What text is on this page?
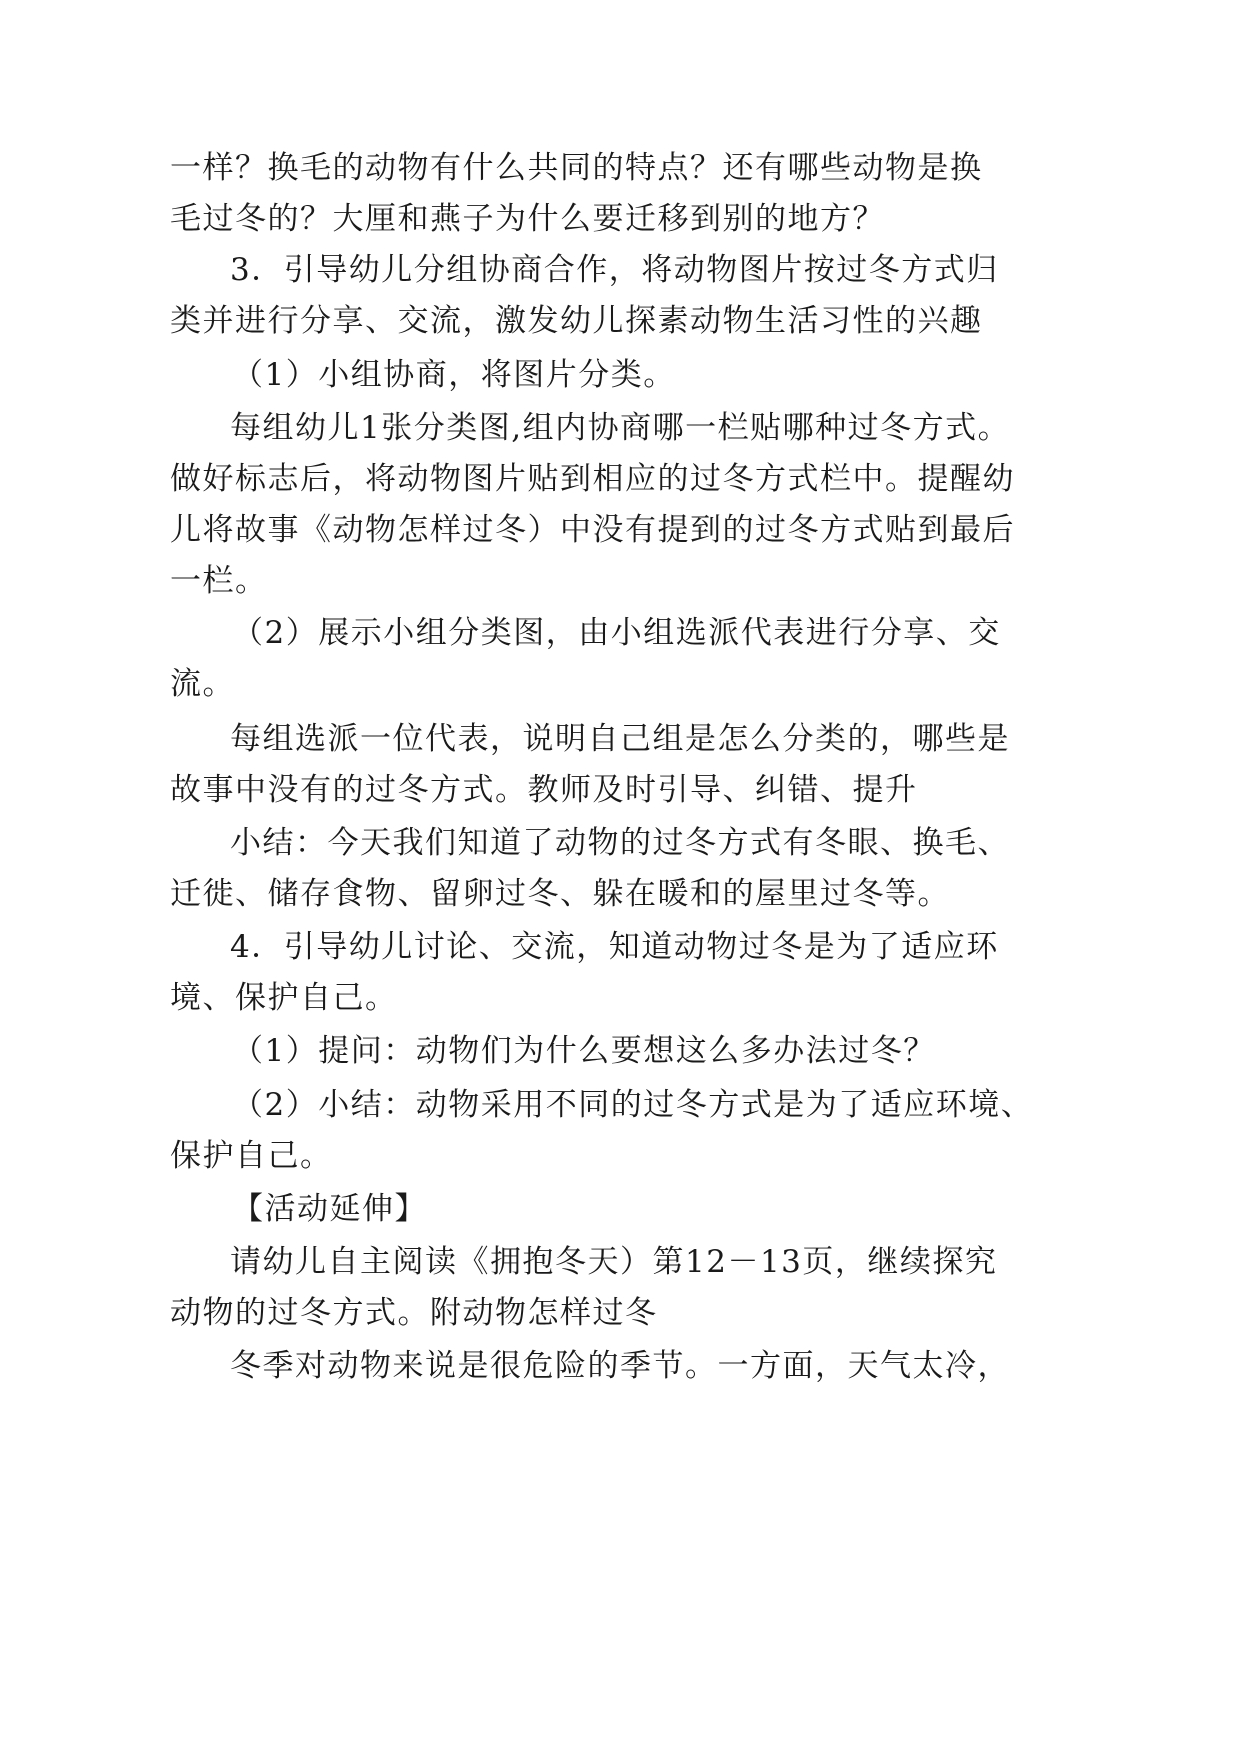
一样？换毛的动物有什么共同的特点？还有哪些动物是换
毛过冬的？大厘和燕子为什么要迁移到别的地方？
3．引导幼儿分组协商合作，将动物图片按过冬方式归
类并进行分享、交流，激发幼儿探素动物生活习性的兴趣
（1）小组协商，将图片分类。
每组幼儿1张分类图,组内协商哪一栏贴哪种过冬方式。
做好标志后，将动物图片贴到相应的过冬方式栏中。提醒幼
儿将故事《动物怎样过冬）中没有提到的过冬方式贴到最后
一栏。
（2）展示小组分类图，由小组选派代表进行分享、交
流。
每组选派一位代表，说明自己组是怎么分类的，哪些是
故事中没有的过冬方式。教师及时引导、纠错、提升
小结：今天我们知道了动物的过冬方式有冬眼、换毛、
迁徙、储存食物、留卵过冬、躲在暖和的屋里过冬等。
4．引导幼儿讨论、交流，知道动物过冬是为了适应环
境、保护自己。
（1）提问：动物们为什么要想这么多办法过冬？
（2）小结：动物采用不同的过冬方式是为了适应环境、
保护自己。
【活动延伸】
请幼儿自主阅读《拥抱冬天）第12－13页，继续探究
动物的过冬方式。附动物怎样过冬
冬季对动物来说是很危险的季节。一方面，天气太冷，
